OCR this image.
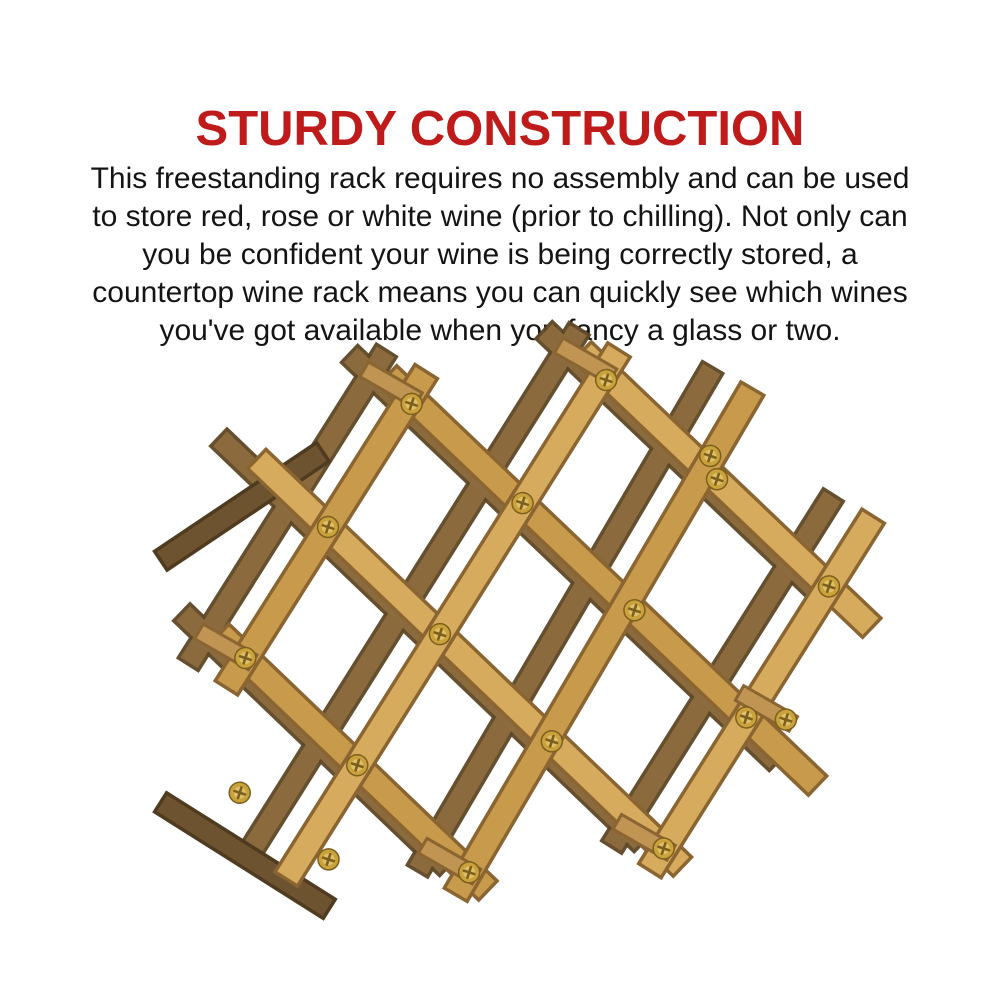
STURDY CONSTRUCTION
This freestanding rack requires no assembly and can be used
to store red, rose or white wine (prior to chilling). Not only can
you be confident your wine is being correctly stored, a
countertop wine rack means you can quickly see which wines
you've got available when you fancy a glass or two.
